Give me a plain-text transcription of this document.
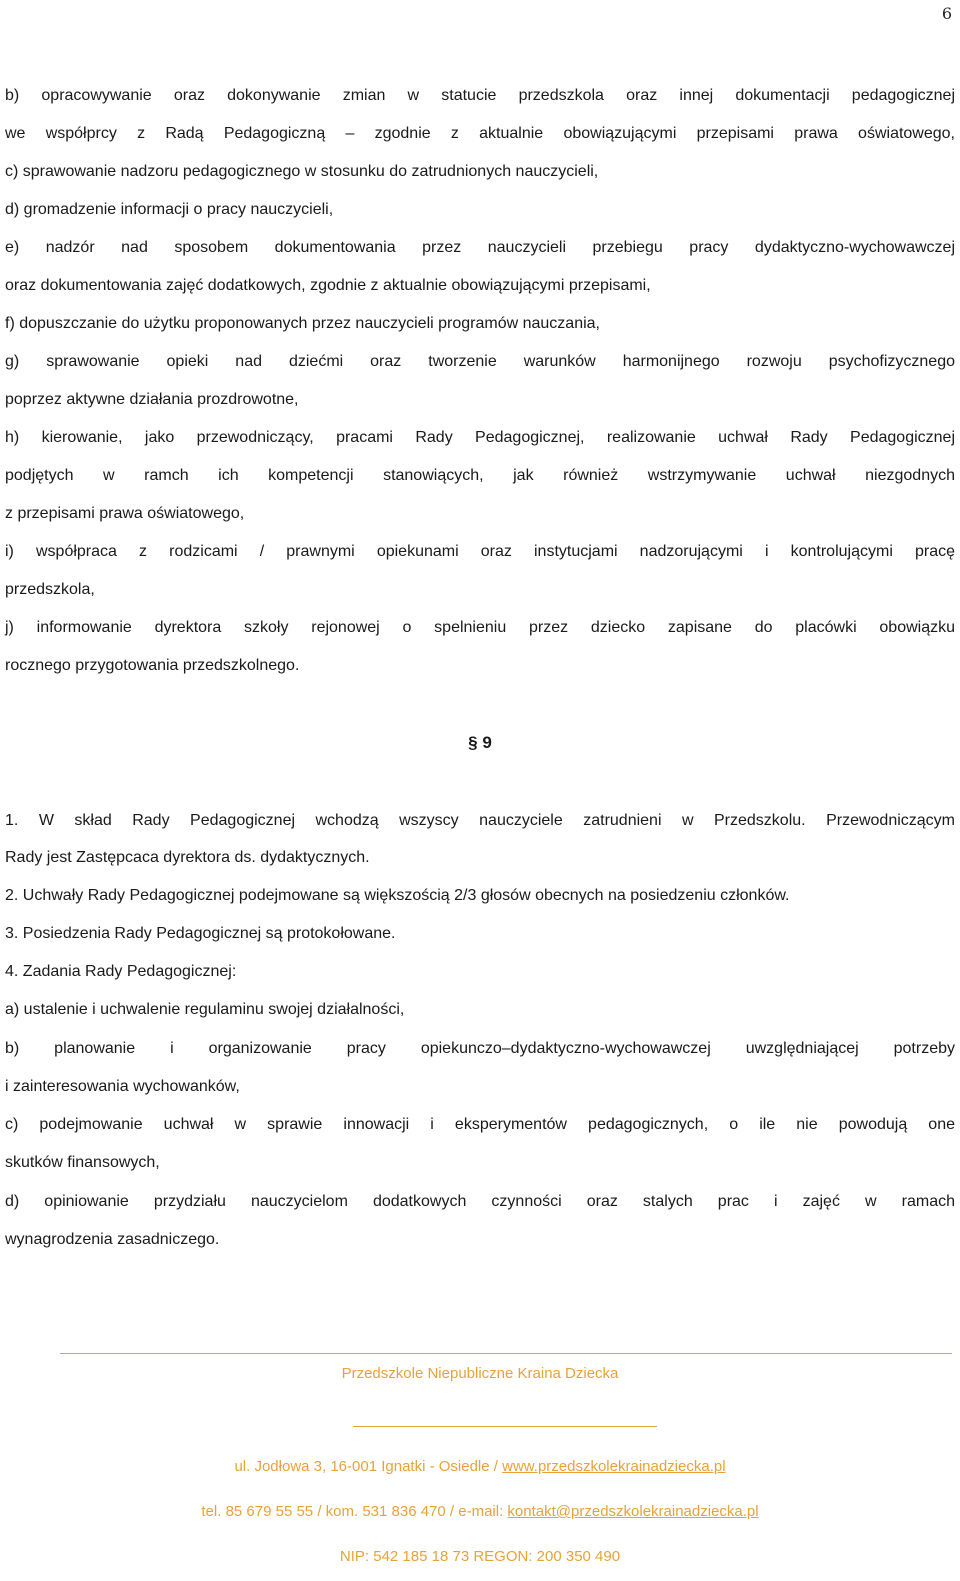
6
b) opracowywanie oraz dokonywanie zmian w statucie przedszkola oraz innej dokumentacji pedagogicznej
we współprcy z Radą Pedagogiczną – zgodnie z aktualnie obowiązującymi przepisami prawa oświatowego,
c) sprawowanie nadzoru pedagogicznego w stosunku do zatrudnionych nauczycieli,
d) gromadzenie informacji o pracy nauczycieli,
e) nadzór nad sposobem dokumentowania przez nauczycieli przebiegu pracy dydaktyczno-wychowawczej
oraz dokumentowania zajęć dodatkowych, zgodnie z aktualnie obowiązującymi przepisami,
f) dopuszczanie do użytku proponowanych przez nauczycieli programów nauczania,
g) sprawowanie opieki nad dziećmi oraz tworzenie warunków harmonijnego rozwoju psychofizycznego
poprzez aktywne działania prozdrowotne,
h) kierowanie, jako przewodniczący, pracami Rady Pedagogicznej, realizowanie uchwał Rady Pedagogicznej
podjętych w ramch ich kompetencji stanowiących, jak również wstrzymywanie uchwał niezgodnych
z przepisami prawa oświatowego,
i) współpraca z rodzicami / prawnymi opiekunami oraz instytucjami nadzorującymi i kontrolującymi pracę
przedszkola,
j) informowanie dyrektora szkoły rejonowej o spelnieniu przez dziecko zapisane do placówki obowiązku
rocznego przygotowania przedszkolnego.
§ 9
1. W skład Rady Pedagogicznej wchodzą wszyscy nauczyciele zatrudnieni w Przedszkolu. Przewodniczącym
Rady jest Zastępcaca dyrektora ds. dydaktycznych.
2. Uchwały Rady Pedagogicznej podejmowane są większością 2/3 głosów obecnych na posiedzeniu członków.
3. Posiedzenia Rady Pedagogicznej są protokołowane.
4. Zadania Rady Pedagogicznej:
a) ustalenie i uchwalenie regulaminu swojej działalności,
b) planowanie i organizowanie pracy opiekunczo–dydaktyczno-wychowawczej uwzględniającej potrzeby
i zainteresowania wychowanków,
c) podejmowanie uchwał w sprawie innowacji i eksperymentów pedagogicznych, o ile nie powodują one
skutków finansowych,
d) opiniowanie przydziału nauczycielom dodatkowych czynności oraz stalych prac i zajęć w ramach
wynagrodzenia zasadniczego.
Przedszkole Niepubliczne Kraina Dziecka
ul. Jodłowa 3, 16-001 Ignatki - Osiedle / www.przedszkolekrainadziecka.pl
tel. 85 679 55 55 / kom. 531 836 470 / e-mail: kontakt@przedszkolekrainadziecka.pl
NIP: 542 185 18 73 REGON: 200 350 490
